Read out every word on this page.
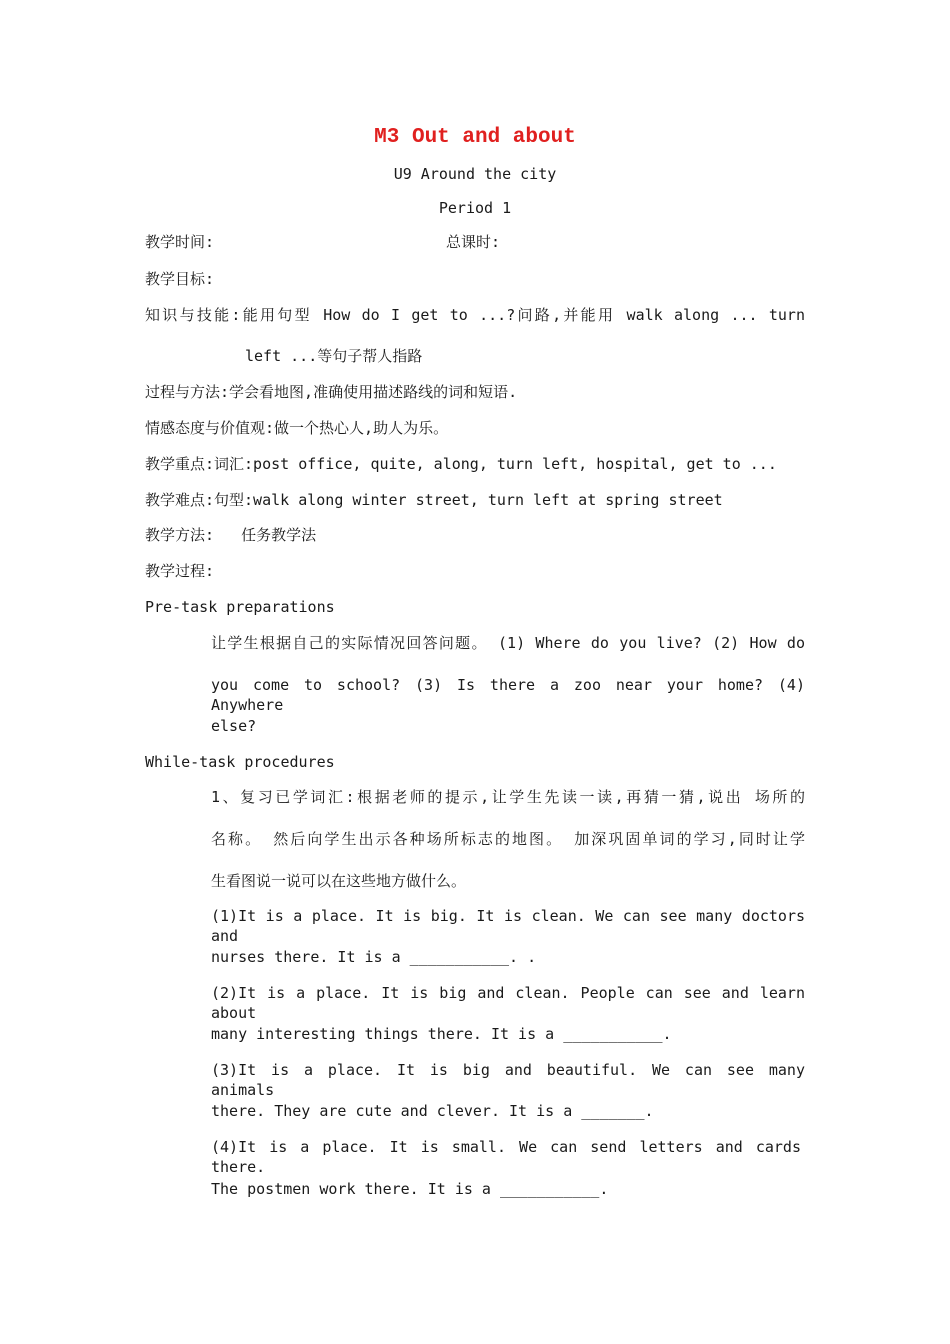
M3 Out and about
U9 Around the city
Period 1
教学时间:	总课时:
教学目标:
知识与技能:能用句型 How do I get to ...?问路,并能用 walk along ... turn
left ...等句子帮人指路
过程与方法:学会看地图,准确使用描述路线的词和短语.
情感态度与价值观:做一个热心人,助人为乐。
教学重点:词汇:post office, quite, along, turn left, hospital, get to ...
教学难点:句型:walk along winter street, turn left at spring street
教学方法:   任务教学法
教学过程:
Pre-task preparations
让学生根据自己的实际情况回答问题。 (1) Where do you live? (2) How do
you come to school? (3) Is there a zoo near your home? (4) Anywhere
else?
While-task procedures
1、复习已学词汇:根据老师的提示,让学生先读一读,再猜一猜,说出 场所的
名称。 然后向学生出示各种场所标志的地图。 加深巩固单词的学习,同时让学
生看图说一说可以在这些地方做什么。
(1)It is a place. It is big. It is clean. We can see many doctors and
nurses there. It is a ___________. .
(2)It is a place. It is big and clean. People can see and learn about
many interesting things there. It is a ___________.
(3)It is a place. It is big and beautiful. We can see many animals
there. They are cute and clever. It is a _______.
(4)It is a place. It is small. We can send letters and cards there.
The postmen work there. It is a ___________.
